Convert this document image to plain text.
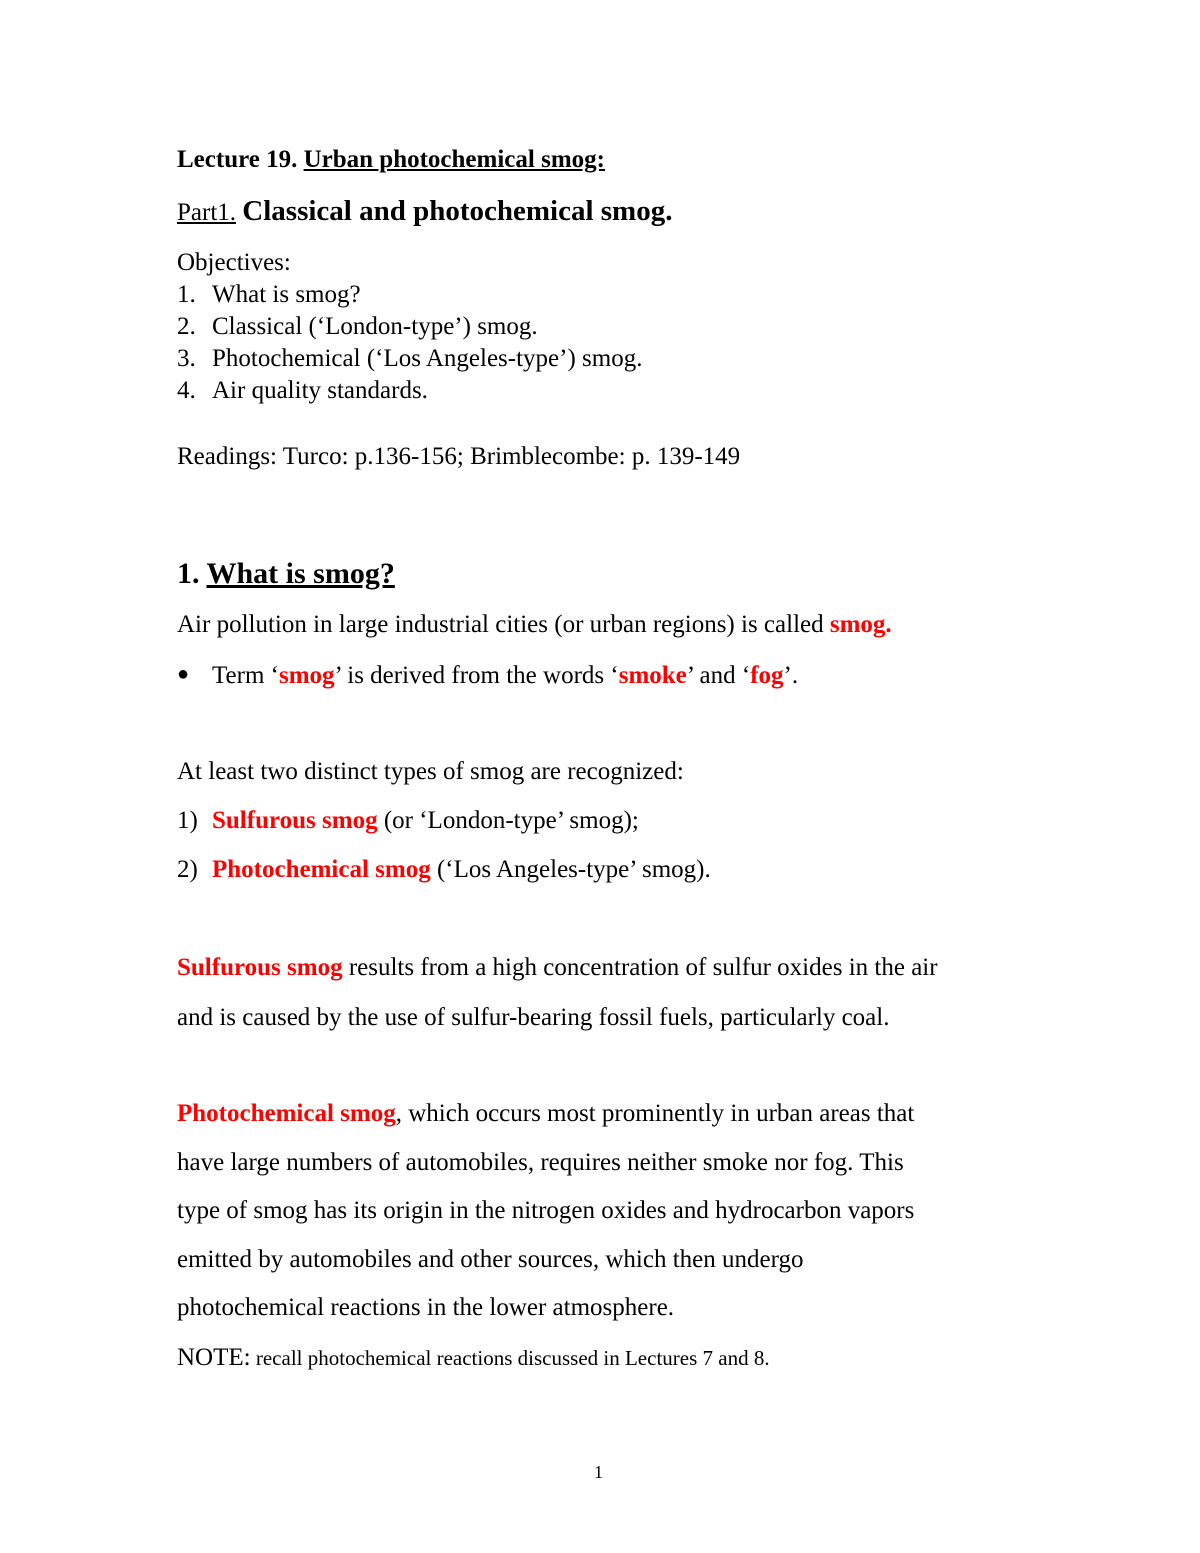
Lecture 19. Urban photochemical smog:
Part1. Classical and photochemical smog.
Objectives:
1. What is smog?
2. Classical (‘London-type’) smog.
3. Photochemical (‘Los Angeles-type’) smog.
4. Air quality standards.
Readings: Turco: p.136-156; Brimblecombe: p. 139-149
1. What is smog?
Air pollution in large industrial cities (or urban regions) is called smog.
● Term ‘smog’ is derived from the words ‘smoke’ and ‘fog’.
At least two distinct types of smog are recognized:
1) Sulfurous smog (or ‘London-type’ smog);
2) Photochemical smog (‘Los Angeles-type’ smog).
Sulfurous smog results from a high concentration of sulfur oxides in the air
and is caused by the use of sulfur-bearing fossil fuels, particularly coal.
Photochemical smog, which occurs most prominently in urban areas that
have large numbers of automobiles, requires neither smoke nor fog. This
type of smog has its origin in the nitrogen oxides and hydrocarbon vapors
emitted by automobiles and other sources, which then undergo
photochemical reactions in the lower atmosphere.
NOTE: recall photochemical reactions discussed in Lectures 7 and 8.
1
